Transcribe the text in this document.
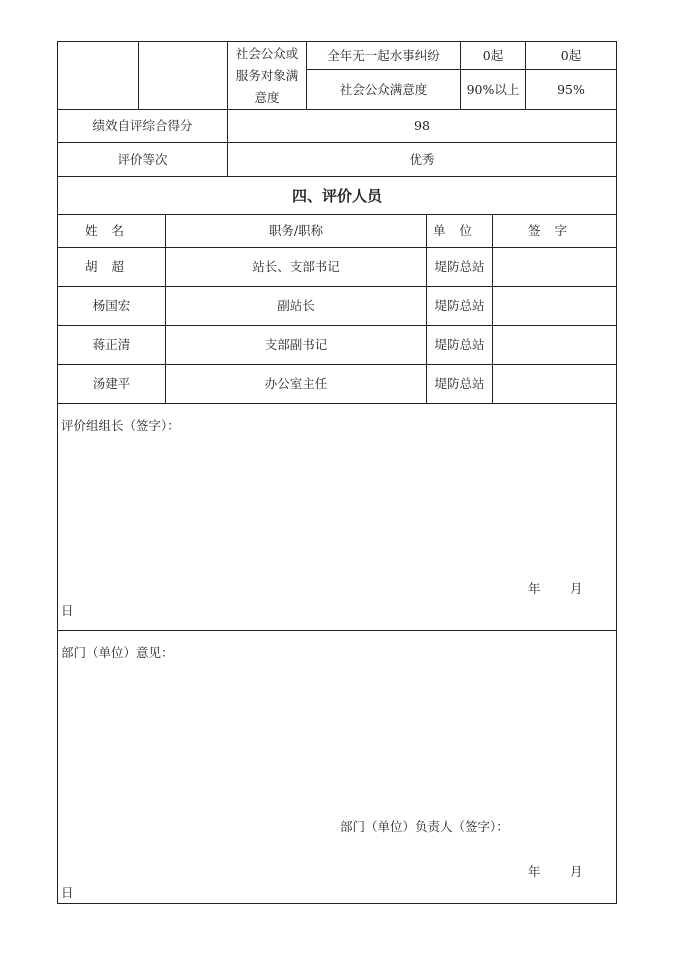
社会公众或
服务对象满
意度
全年无一起水事纠纷	0起	0起
社会公众满意度	90%以上	95%
绩效自评综合得分	98
评价等次	优秀
四、评价人员
姓名	职务/职称	单位	签字
胡超	站长、支部书记	堤防总站
杨国宏	副站长	堤防总站
蒋正清	支部副书记	堤防总站
汤建平	办公室主任	堤防总站
评价组组长（签字）：
年 月
日
部门（单位）意见：
部门（单位）负责人（签字）：
年 月
日
